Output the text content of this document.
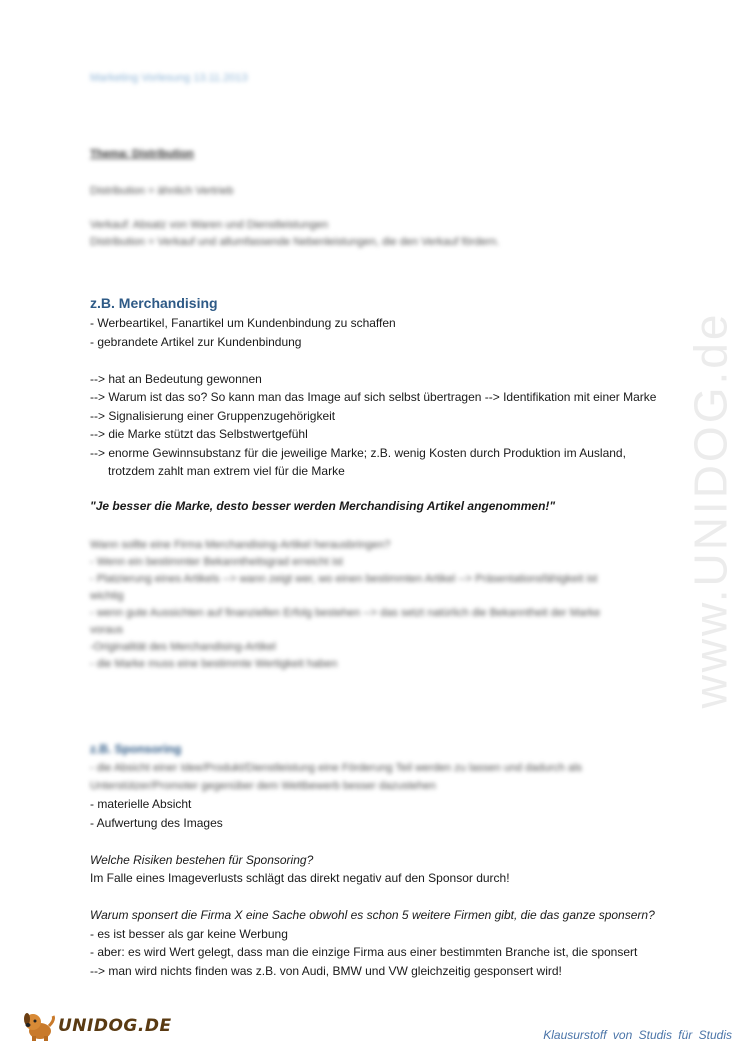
www.UNIDOG.de
Marketing Vorlesung 13.11.2013
Thema: Distribution
Distribution = ähnlich Vertrieb

Verkauf: Absatz von Waren und Dienstleistungen
Distribution = Verkauf und allumfassende Nebenleistungen, die den Verkauf fördern.
z.B. Merchandising
- Werbeartikel, Fanartikel um Kundenbindung zu schaffen
- gebrandete Artikel zur Kundenbindung

--> hat an Bedeutung gewonnen
--> Warum ist das so? So kann man das Image auf sich selbst übertragen --> Identifikation mit einer Marke
--> Signalisierung einer Gruppenzugehörigkeit
--> die Marke stützt das Selbstwertgefühl
--> enorme Gewinnsubstanz für die jeweilige Marke; z.B. wenig Kosten durch Produktion im Ausland,
trotzdem zahlt man extrem viel für die Marke

"Je besser die Marke, desto besser werden Merchandising Artikel angenommen!"
Wann sollte eine Firma Merchandising-Artikel herausbringen?
- Wenn ein bestimmter Bekanntheitsgrad erreicht ist
- Platzierung eines Artikels --> wann zeigt wer, wo einen bestimmten Artikel --> Präsentationsfähigkeit ist
wichtig
- wenn gute Aussichten auf finanziellen Erfolg bestehen --> das setzt natürlich die Bekanntheit der Marke
voraus
-Originalität des Merchandising-Artikel
- die Marke muss eine bestimmte Wertigkeit haben
z.B. Sponsoring
- die Absicht einer Idee/Produkt/Dienstleistung eine Förderung Teil werden zu lassen und dadurch als
Unterstützer/Promoter gegenüber dem Wettbewerb besser dazustehen
- materielle Absicht
- Aufwertung des Images

Welche Risiken bestehen für Sponsoring?
Im Falle eines Imageverlusts schlägt das direkt negativ auf den Sponsor durch!

Warum sponsert die Firma X eine Sache obwohl es schon 5 weitere Firmen gibt, die das ganze sponsern?
- es ist besser als gar keine Werbung
- aber: es wird Wert gelegt, dass man die einzige Firma aus einer bestimmten Branche ist, die sponsert
--> man wird nichts finden was z.B. von Audi, BMW und VW gleichzeitig gesponsert wird!
UNIDOG.DE	Klausurstoff von Studis für Studis
